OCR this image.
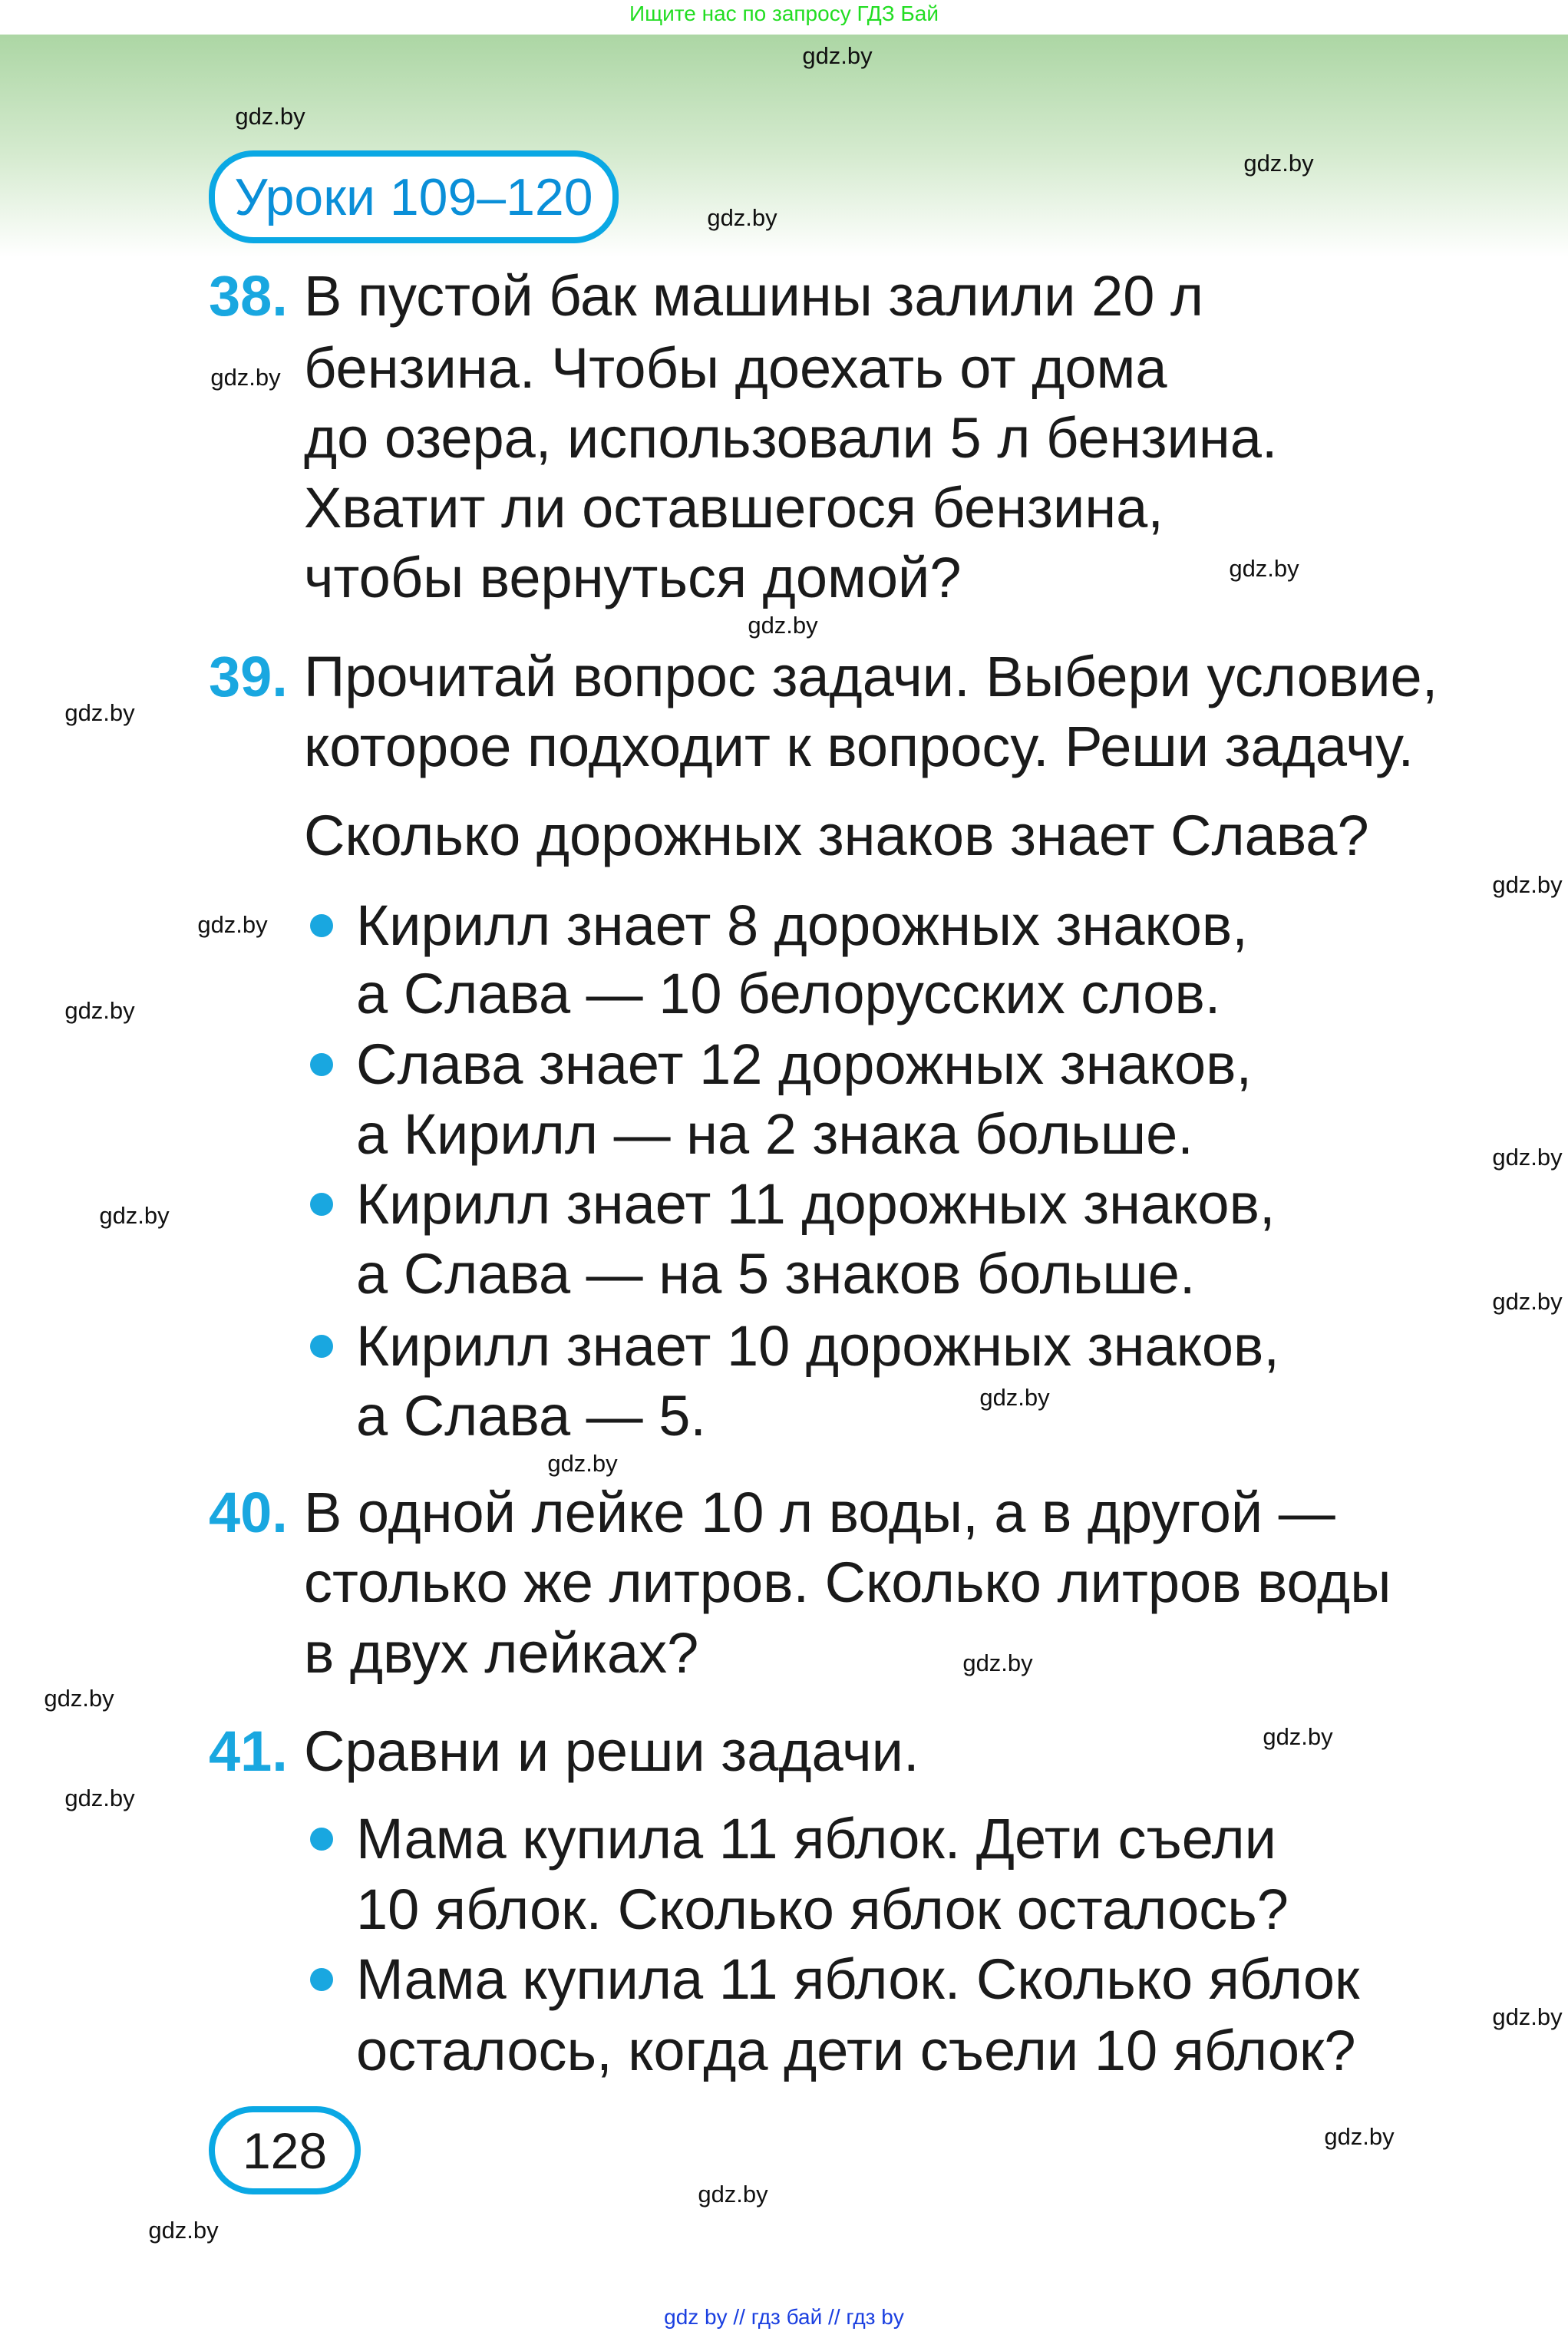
Ищите нас по запросу ГДЗ Бай
Уроки 109–120
38. В пустой бак машины залили 20 л
бензина. Чтобы доехать от дома
до озера, использовали 5 л бензина.
Хватит ли оставшегося бензина,
чтобы вернуться домой?
39. Прочитай вопрос задачи. Выбери условие,
которое подходит к вопросу. Реши задачу.
Сколько дорожных знаков знает Слава?
Кирилл знает 8 дорожных знаков,
а Слава — 10 белорусских слов.
Слава знает 12 дорожных знаков,
а Кирилл — на 2 знака больше.
Кирилл знает 11 дорожных знаков,
а Слава — на 5 знаков больше.
Кирилл знает 10 дорожных знаков,
а Слава — 5.
40. В одной лейке 10 л воды, а в другой —
столько же литров. Сколько литров воды
в двух лейках?
41. Сравни и реши задачи.
Мама купила 11 яблок. Дети съели
10 яблок. Сколько яблок осталось?
Мама купила 11 яблок. Сколько яблок
осталось, когда дети съели 10 яблок?
128
gdz.by
gdz.by
gdz.by
gdz.by
gdz.by
gdz.by
gdz.by
gdz.by
gdz.by
gdz.by
gdz.by
gdz.by
gdz.by
gdz.by
gdz.by
gdz.by
gdz.by
gdz.by
gdz.by
gdz.by
gdz.by
gdz.by
gdz.by
gdz.by
gdz by // гдз бай // гдз by
